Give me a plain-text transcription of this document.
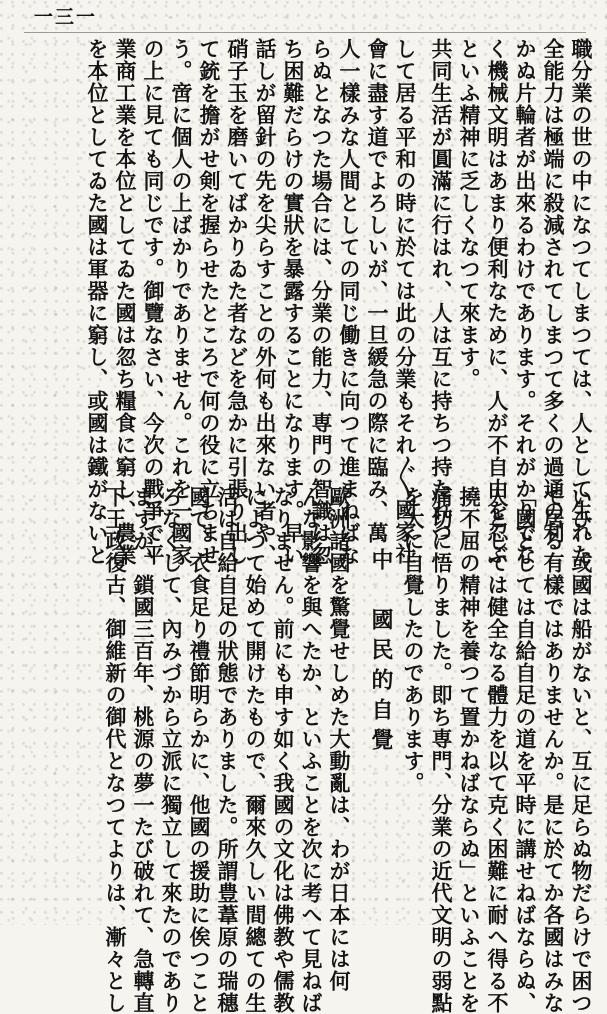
一三一
職分業の世の中になつてしまつては、人として生れた
全能力は極端に殺減されてしまつて多くの過通の利
かぬ片輪者が出來るわけであります。それがかりでな
く機械文明はあまり便利なために、人が不自由を忍ぶ
といふ精神に乏しくなつて來ます。
共同生活が圓滿に行はれ、人は互に持ちつ持たれつ
して居る平和の時に於ては此の分業もそれ〴〵國家社
會に盡す道でよろしいが、一旦緩急の際に臨み、萬
人一樣みな人間としての同じ働きに向つて進まねばな
らぬとなつた場合には、分業の能力、専門の智識は忽
ち困難だらけの實狀を暴露することになります。早い
話しが留針の先を尖らすことの外何も出來ない者や、
硝子玉を磨いてばかりゐた者などを急かに引張り出し
て銃を擔がせ剣を握らせたところで何の役に立ちませ
う。啻に個人の上ばかりでありません。これを一國家
の上に見ても同じです。御覽なさい、今次の戰爭で平
業商工業を本位としてゐた國は忽ち糧食に窮し、農業
を本位としてゐた國は軍器に窮し、或國は鐵がないと
いひ、或國は船がないと、互に足らぬ物だらけで困つ
て居る有樣ではありませんか。是に於てか各國はみな
「國としては自給自足の道を平時に講せねばならぬ、
人としては健全なる體力を以て克く困難に耐へ得る不
撓不屈の精神を養つて置かねばならぬ」といふことを
痛切に悟りました。即ち専門、分業の近代文明の弱點
を大に自覺したのであります。
中　國民的自覺
歐洲諸國を驚覺せしめた大動亂は、わが日本には何
んな影響を與へたか、といふことを次に考へて見ねば
なりません。前にも申す如く我國の文化は佛教や儒教
によつて始めて開けたもので、爾來久しい間總ての生
活は自給自足の狀態でありました。所謂豊葦原の瑞穗
國で、衣食足り禮節明らかに、他國の援助に俟つこと
ろなくして、內みづから立派に獨立して來たのであり
ますが、鎖國三百年、桃源の夢一たび破れて、急轉直
下王政復古、御維新の御代となつてよりは、漸々とし
